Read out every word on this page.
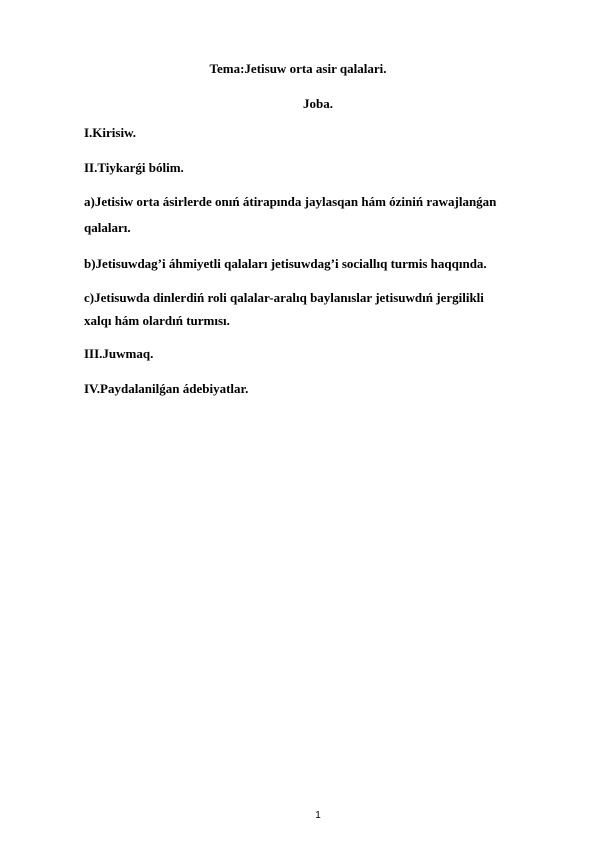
Tema:Jetisuw orta asir qalalari.
Joba.
I.Kirisiw.
II.Tiykarǵi bólim.
a)Jetisiw orta ásirlerde onıń átirapında jaylasqan hám óziniń rawajlanǵan
qalaları.
b)Jetisuwdag’i áhmiyetli qalaları jetisuwdag’i sociallıq turmis haqqında.
c)Jetisuwda dinlerdiń roli qalalar-aralıq baylanıslar jetisuwdıń jergilikli
xalqı hám olardıń turmısı.
III.Juwmaq.
IV.Paydalanilǵan ádebiyatlar.
1
